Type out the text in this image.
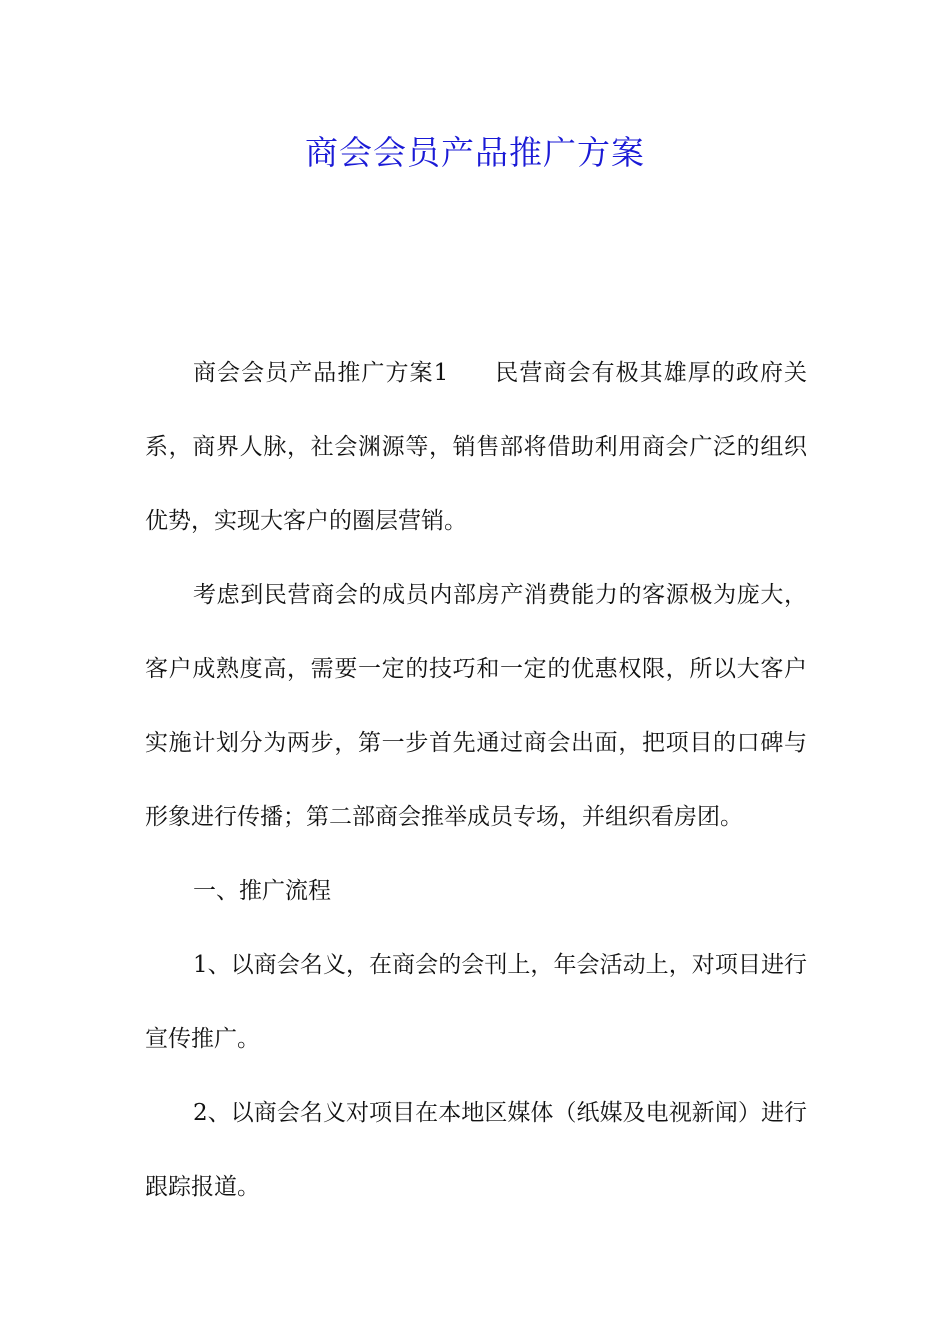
商会会员产品推广方案

商会会员产品推广方案1 民营商会有极其雄厚的政府关系，商界人脉，社会渊源等，销售部将借助利用商会广泛的组织优势，实现大客户的圈层营销。

考虑到民营商会的成员内部房产消费能力的客源极为庞大，客户成熟度高，需要一定的技巧和一定的优惠权限，所以大客户实施计划分为两步，第一步首先通过商会出面，把项目的口碑与形象进行传播；第二部商会推举成员专场，并组织看房团。

一、推广流程

1、以商会名义，在商会的会刊上，年会活动上，对项目进行宣传推广。

2、以商会名义对项目在本地区媒体（纸媒及电视新闻）进行跟踪报道。
